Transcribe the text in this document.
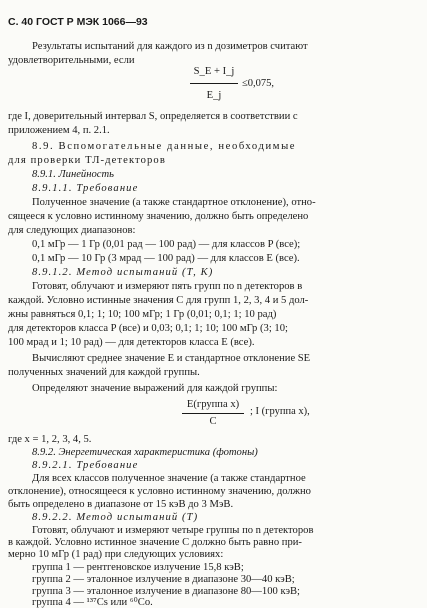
С. 40 ГОСТ Р МЭК 1066—93
Результаты испытаний для каждого из n дозиметров считают
удовлетворительными, если
S_E + I_j
E_j
≤0,075,
где I, доверительный интервал S, определяется в соответствии с
приложением 4, п. 2.1.
8.9. Вспомогательные данные, необходимые
для проверки ТЛ-детекторов
8.9.1. Линейность
8.9.1.1. Требование
Полученное значение (а также стандартное отклонение), отно-
сящееся к условно истинному значению, должно быть определено
для следующих диапазонов:
0,1 мГр — 1 Гр (0,01 рад — 100 рад) — для классов P (все);
0,1 мГр — 10 Гр (3 мрад — 100 рад) — для классов E (все).
8.9.1.2. Метод испытаний (Т, К)
Готовят, облучают и измеряют пять групп по n детекторов в
каждой. Условно истинные значения С для групп 1, 2, 3, 4 и 5 дол-
жны равняться 0,1; 1; 10; 100 мГр; 1 Гр (0,01; 0,1; 1; 10 рад)
для детекторов класса P (все) и 0,03; 0,1; 1; 10; 100 мГр (3; 10;
100 мрад и 1; 10 рад) — для детекторов класса E (все).
Вычисляют среднее значение Е и стандартное отклонение SЕ
полученных значений для каждой группы.
Определяют значение выражений для каждой группы:
E(группа x)
C
; I (группа x),
где x = 1, 2, 3, 4, 5.
8.9.2. Энергетическая характеристика (фотоны)
8.9.2.1. Требование
Для всех классов полученное значение (а также стандартное
отклонение), относящееся к условно истинному значению, должно
быть определено в диапазоне от 15 кэВ до 3 МэВ.
8.9.2.2. Метод испытаний (Т)
Готовят, облучают и измеряют четыре группы по n детекторов
в каждой. Условно истинное значение С должно быть равно при-
мерно 10 мГр (1 рад) при следующих условиях:
группа 1 — рентгеновское излучение 15,8 кэВ;
группа 2 — эталонное излучение в диапазоне 30—40 кэВ;
группа 3 — эталонное излучение в диапазоне 80—100 кэВ;
группа 4 — ¹³⁷Cs или ⁶⁰Co.
